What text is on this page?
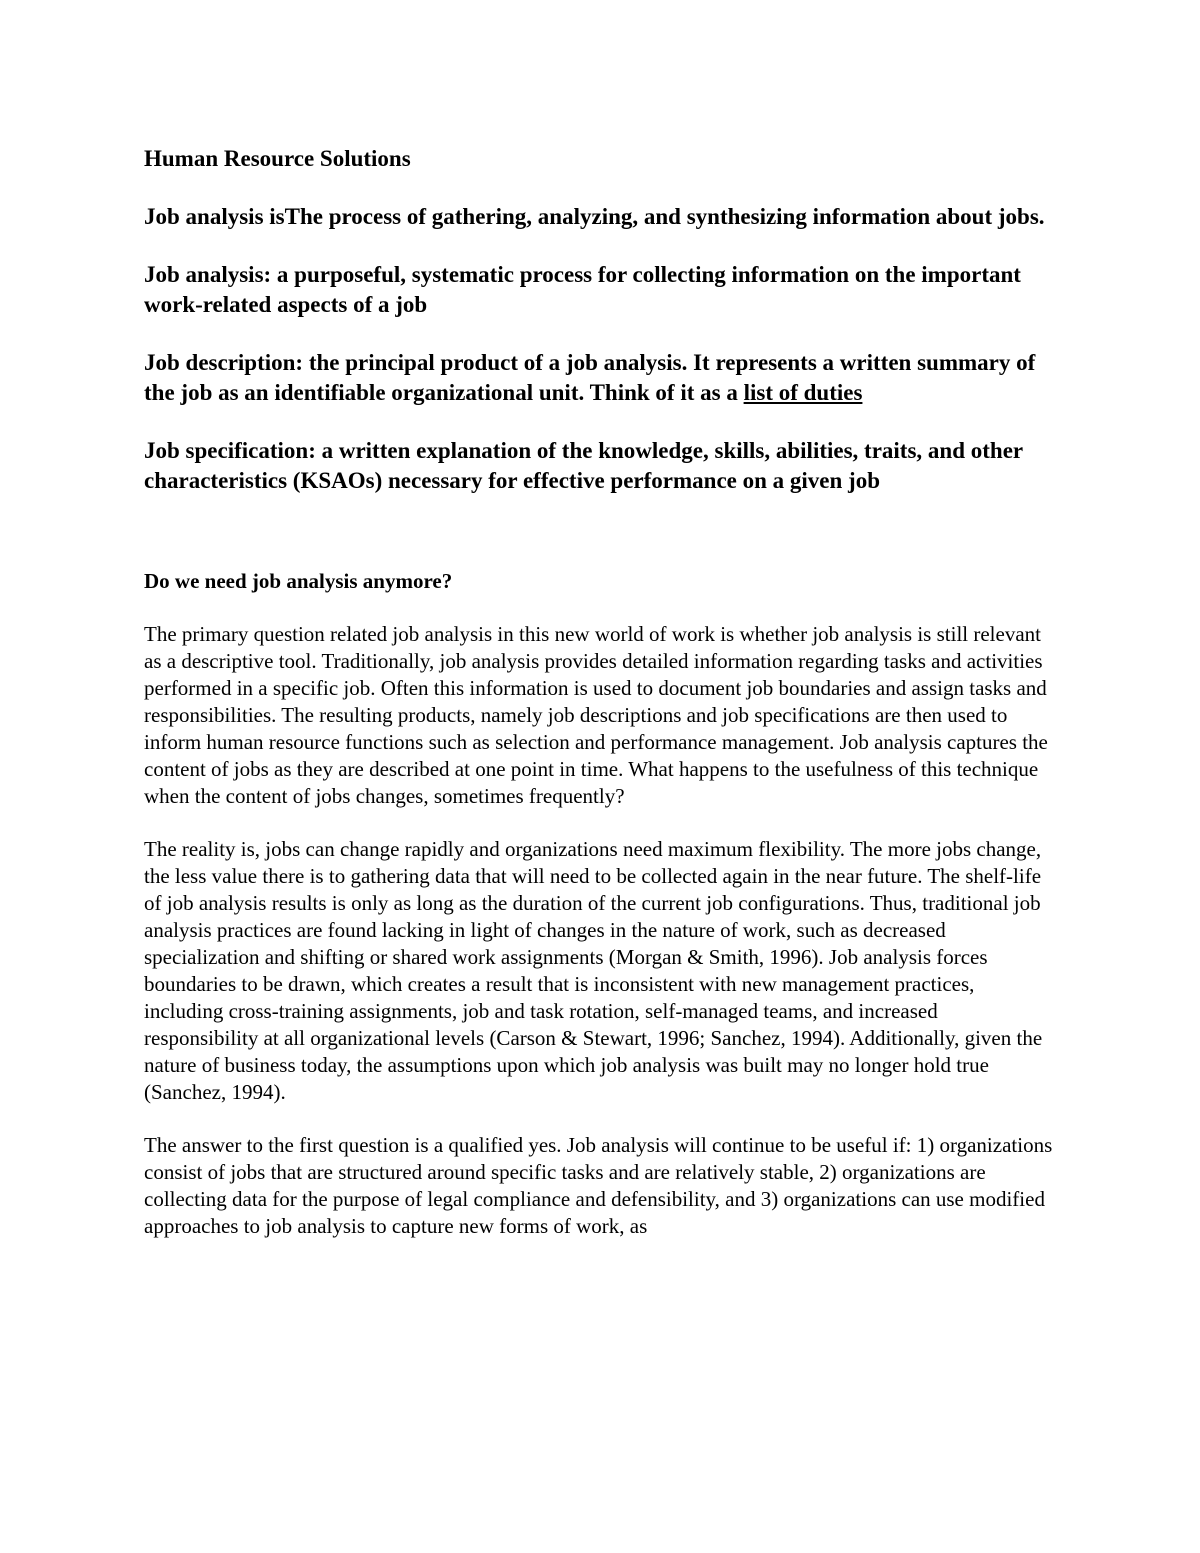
Human Resource Solutions
Job analysis isThe process of gathering, analyzing, and synthesizing information about jobs.
Job analysis: a purposeful, systematic process for collecting information on the important work-related aspects of a job
Job description: the principal product of a job analysis. It represents a written summary of the job as an identifiable organizational unit. Think of it as a list of duties
Job specification: a written explanation of the knowledge, skills, abilities, traits, and other characteristics (KSAOs) necessary for effective performance on a given job
Do we need job analysis anymore?

The primary question related job analysis in this new world of work is whether job analysis is still relevant as a descriptive tool. Traditionally, job analysis provides detailed information regarding tasks and activities performed in a specific job. Often this information is used to document job boundaries and assign tasks and responsibilities. The resulting products, namely job descriptions and job specifications are then used to inform human resource functions such as selection and performance management. Job analysis captures the content of jobs as they are described at one point in time. What happens to the usefulness of this technique when the content of jobs changes, sometimes frequently?

The reality is, jobs can change rapidly and organizations need maximum flexibility. The more jobs change, the less value there is to gathering data that will need to be collected again in the near future. The shelf-life of job analysis results is only as long as the duration of the current job configurations. Thus, traditional job analysis practices are found lacking in light of changes in the nature of work, such as decreased specialization and shifting or shared work assignments (Morgan & Smith, 1996). Job analysis forces boundaries to be drawn, which creates a result that is inconsistent with new management practices, including cross-training assignments, job and task rotation, self-managed teams, and increased responsibility at all organizational levels (Carson & Stewart, 1996; Sanchez, 1994). Additionally, given the nature of business today, the assumptions upon which job analysis was built may no longer hold true (Sanchez, 1994).

The answer to the first question is a qualified yes. Job analysis will continue to be useful if: 1) organizations consist of jobs that are structured around specific tasks and are relatively stable, 2) organizations are collecting data for the purpose of legal compliance and defensibility, and 3) organizations can use modified approaches to job analysis to capture new forms of work, as
